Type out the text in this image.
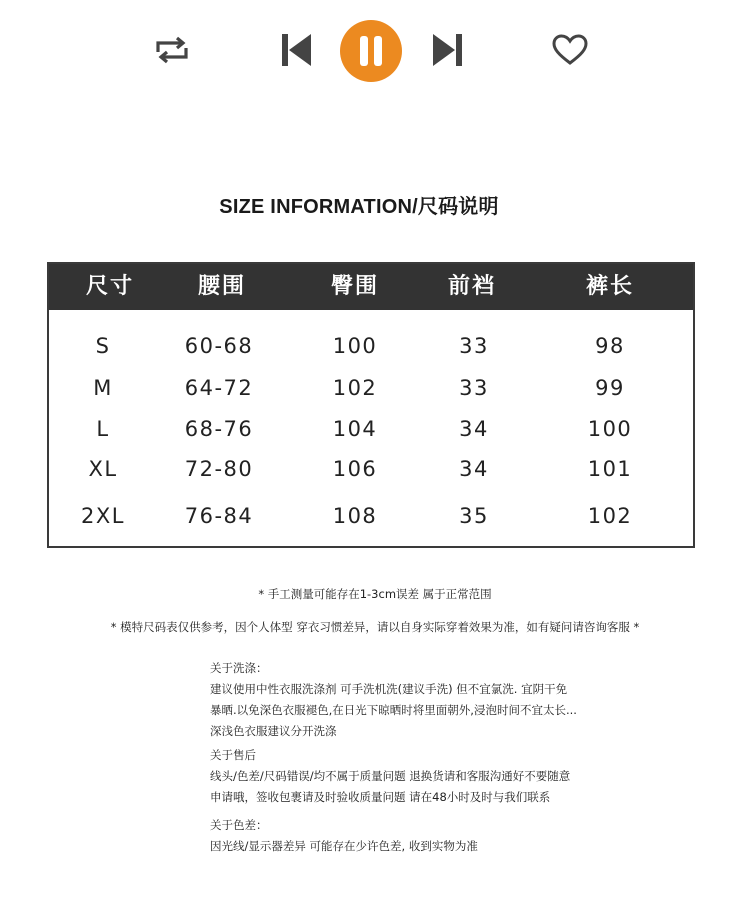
SIZE INFORMATION/尺码说明
尺寸	腰围	臀围	前裆	裤长
S	60-68	100	33	98
M	64-72	102	33	99
L	68-76	104	34	100
XL	72-80	106	34	101
2XL	76-84	108	35	102
* 手工测量可能存在1-3cm误差 属于正常范围
* 模特尺码表仅供参考，因个人体型 穿衣习惯差异，请以自身实际穿着效果为准，如有疑问请咨询客服 *
关于洗涤：
建议使用中性衣服洗涤剂 可手洗机洗(建议手洗) 但不宜氯洗. 宜阴干免
暴晒.以免深色衣服褪色,在日光下晾晒时将里面朝外,浸泡时间不宜太长...
深浅色衣服建议分开洗涤
关于售后
线头/色差/尺码错误/均不属于质量问题 退换货请和客服沟通好不要随意
申请哦，签收包裹请及时验收质量问题 请在48小时及时与我们联系
关于色差：
因光线/显示器差异 可能存在少许色差, 收到实物为准
